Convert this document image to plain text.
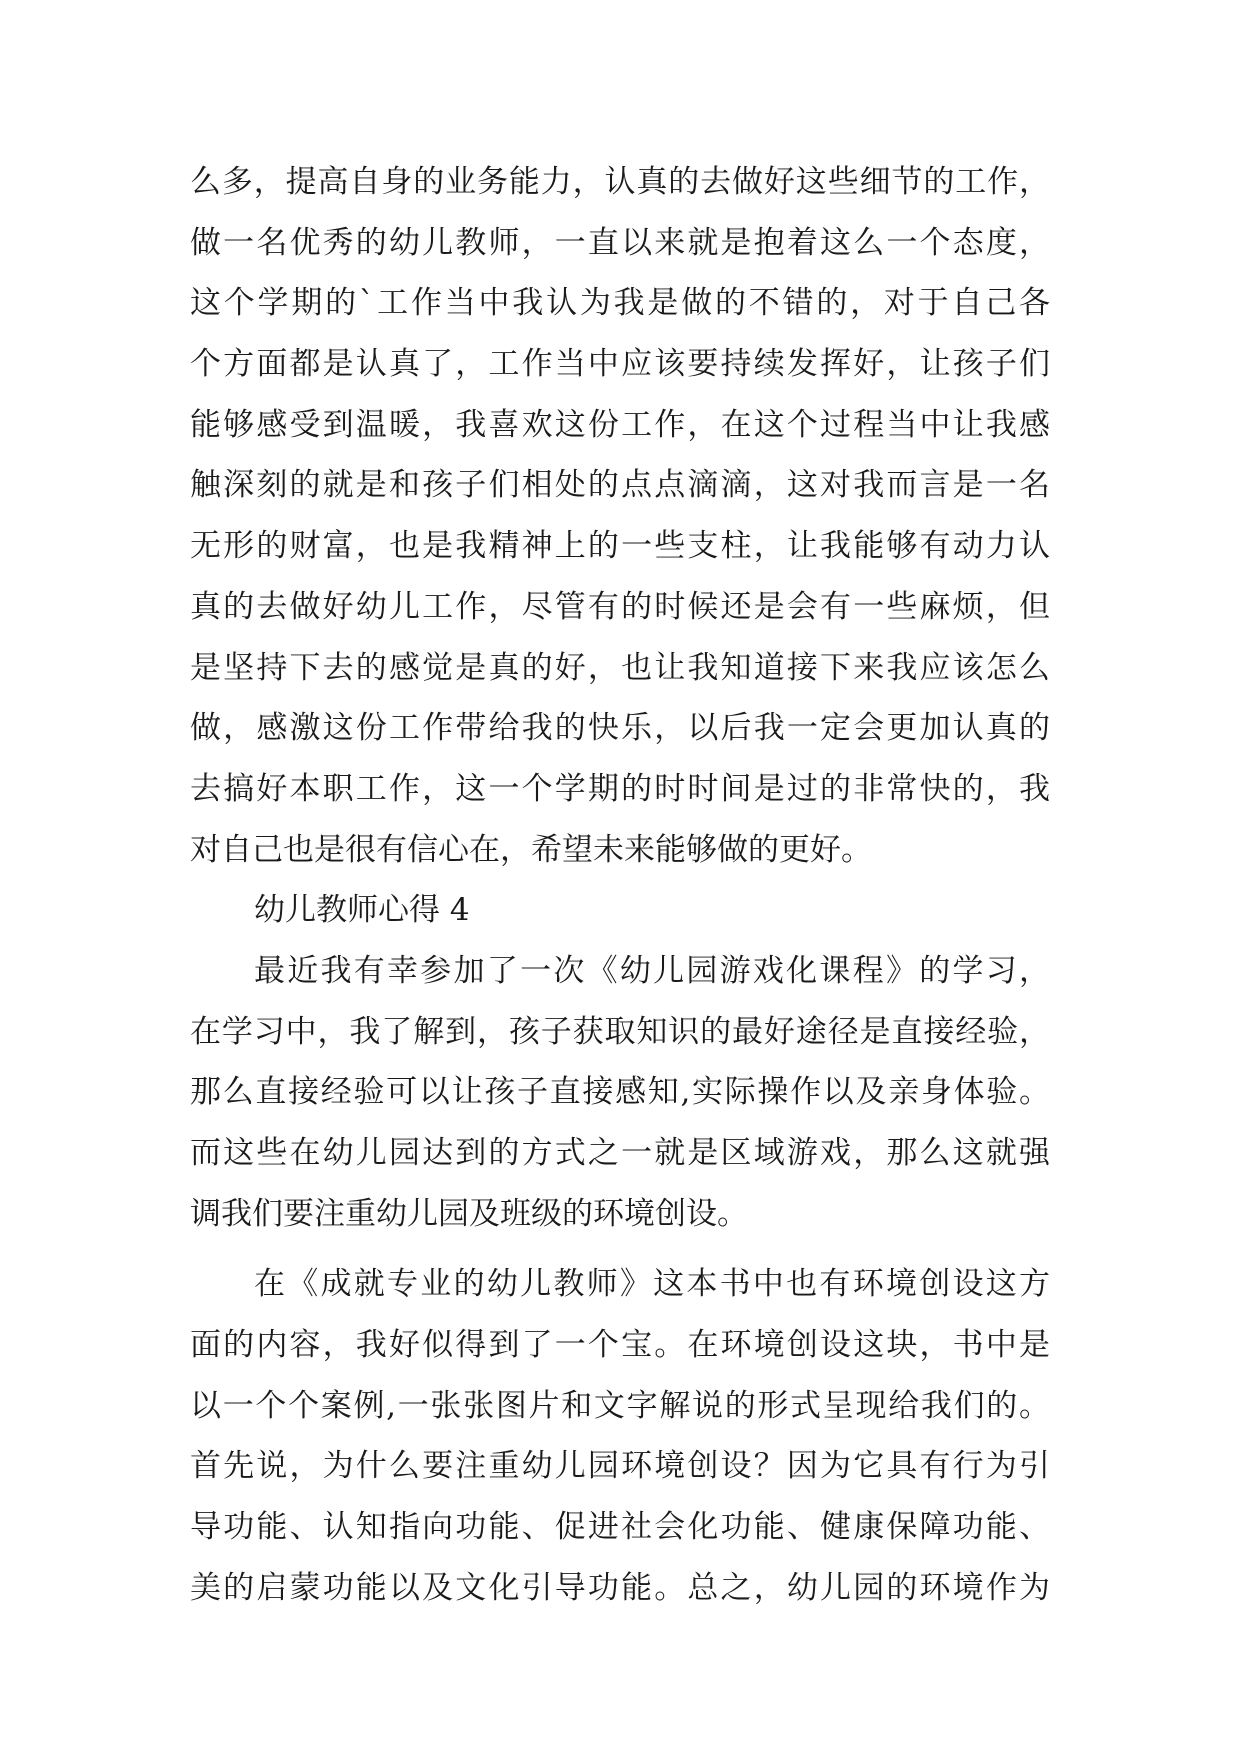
么多，提高自身的业务能力，认真的去做好这些细节的工作，
做一名优秀的幼儿教师，一直以来就是抱着这么一个态度，
这个学期的`工作当中我认为我是做的不错的，对于自己各
个方面都是认真了，工作当中应该要持续发挥好，让孩子们
能够感受到温暖，我喜欢这份工作，在这个过程当中让我感
触深刻的就是和孩子们相处的点点滴滴，这对我而言是一名
无形的财富，也是我精神上的一些支柱，让我能够有动力认
真的去做好幼儿工作，尽管有的时候还是会有一些麻烦，但
是坚持下去的感觉是真的好，也让我知道接下来我应该怎么
做，感激这份工作带给我的快乐，以后我一定会更加认真的
去搞好本职工作，这一个学期的时时间是过的非常快的，我
对自己也是很有信心在，希望未来能够做的更好。
幼儿教师心得 4
最近我有幸参加了一次《幼儿园游戏化课程》的学习，
在学习中，我了解到，孩子获取知识的最好途径是直接经验，
那么直接经验可以让孩子直接感知,实际操作以及亲身体验。
而这些在幼儿园达到的方式之一就是区域游戏，那么这就强
调我们要注重幼儿园及班级的环境创设。
在《成就专业的幼儿教师》这本书中也有环境创设这方
面的内容，我好似得到了一个宝。在环境创设这块，书中是
以一个个案例,一张张图片和文字解说的形式呈现给我们的。
首先说，为什么要注重幼儿园环境创设？因为它具有行为引
导功能、认知指向功能、促进社会化功能、健康保障功能、
美的启蒙功能以及文化引导功能。总之，幼儿园的环境作为
